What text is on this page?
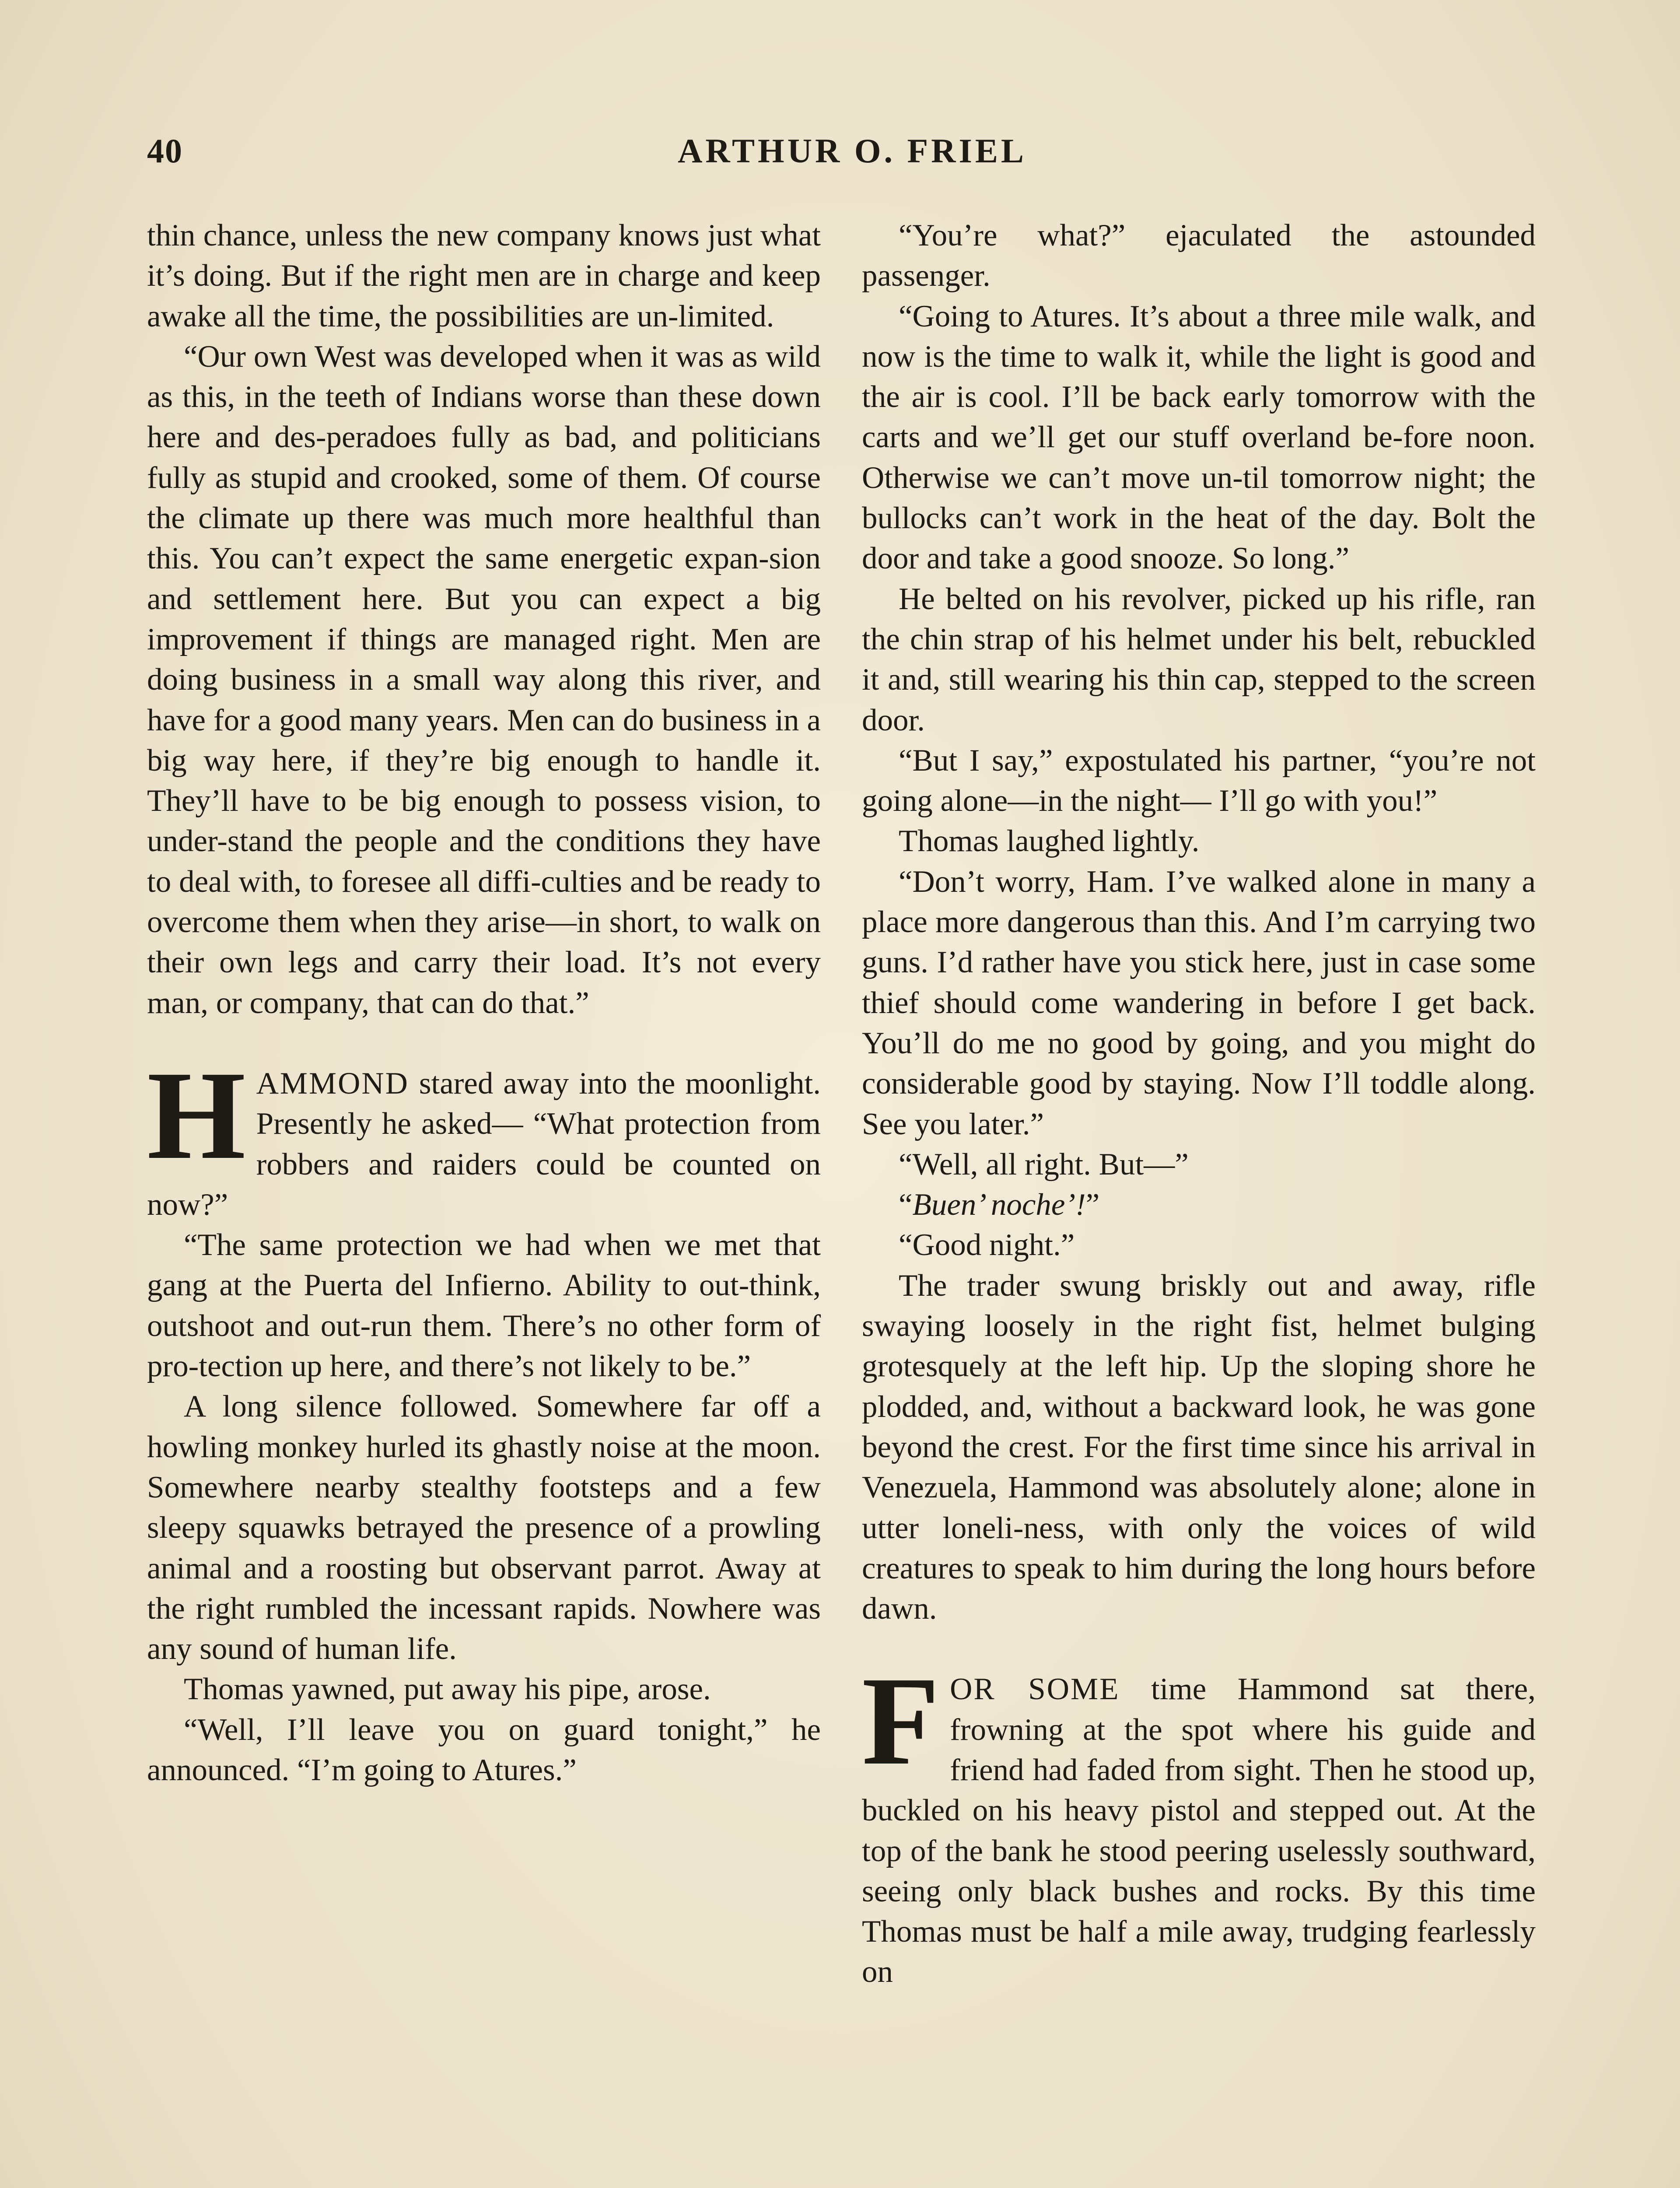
40	ARTHUR O. FRIEL

thin chance, unless the new company knows just what it’s doing. But if the right men are in charge and keep awake all the time, the possibilities are un-limited.

“Our own West was developed when it was as wild as this, in the teeth of Indians worse than these down here and des-peradoes fully as bad, and politicians fully as stupid and crooked, some of them. Of course the climate up there was much more healthful than this. You can’t expect the same energetic expan-sion and settlement here. But you can expect a big improvement if things are managed right. Men are doing business in a small way along this river, and have for a good many years. Men can do business in a big way here, if they’re big enough to handle it. They’ll have to be big enough to possess vision, to under-stand the people and the conditions they have to deal with, to foresee all diffi-culties and be ready to overcome them when they arise—in short, to walk on their own legs and carry their load. It’s not every man, or company, that can do that.”

HAMMOND stared away into the moonlight. Presently he asked— “What protection from robbers and raiders could be counted on now?”

“The same protection we had when we met that gang at the Puerta del Infierno. Ability to out-think, outshoot and out-run them. There’s no other form of pro-tection up here, and there’s not likely to be.”

A long silence followed. Somewhere far off a howling monkey hurled its ghastly noise at the moon. Somewhere nearby stealthy footsteps and a few sleepy squawks betrayed the presence of a prowling animal and a roosting but observant parrot. Away at the right rumbled the incessant rapids. Nowhere was any sound of human life.

Thomas yawned, put away his pipe, arose.

“Well, I’ll leave you on guard tonight,” he announced. “I’m going to Atures.”

“You’re what?” ejaculated the astounded passenger.

“Going to Atures. It’s about a three mile walk, and now is the time to walk it, while the light is good and the air is cool. I’ll be back early tomorrow with the carts and we’ll get our stuff overland be-fore noon. Otherwise we can’t move un-til tomorrow night; the bullocks can’t work in the heat of the day. Bolt the door and take a good snooze. So long.”

He belted on his revolver, picked up his rifle, ran the chin strap of his helmet under his belt, rebuckled it and, still wearing his thin cap, stepped to the screen door.

“But I say,” expostulated his partner, “you’re not going alone—in the night— I’ll go with you!”

Thomas laughed lightly.

“Don’t worry, Ham. I’ve walked alone in many a place more dangerous than this. And I’m carrying two guns. I’d rather have you stick here, just in case some thief should come wandering in before I get back. You’ll do me no good by going, and you might do considerable good by staying. Now I’ll toddle along. See you later.”

“Well, all right. But—”

“Buen’ noche’!”

“Good night.”

The trader swung briskly out and away, rifle swaying loosely in the right fist, helmet bulging grotesquely at the left hip. Up the sloping shore he plodded, and, without a backward look, he was gone beyond the crest. For the first time since his arrival in Venezuela, Hammond was absolutely alone; alone in utter loneli-ness, with only the voices of wild creatures to speak to him during the long hours before dawn.

FOR SOME time Hammond sat there, frowning at the spot where his guide and friend had faded from sight. Then he stood up, buckled on his heavy pistol and stepped out. At the top of the bank he stood peering uselessly southward, seeing only black bushes and rocks. By this time Thomas must be half a mile away, trudging fearlessly on
